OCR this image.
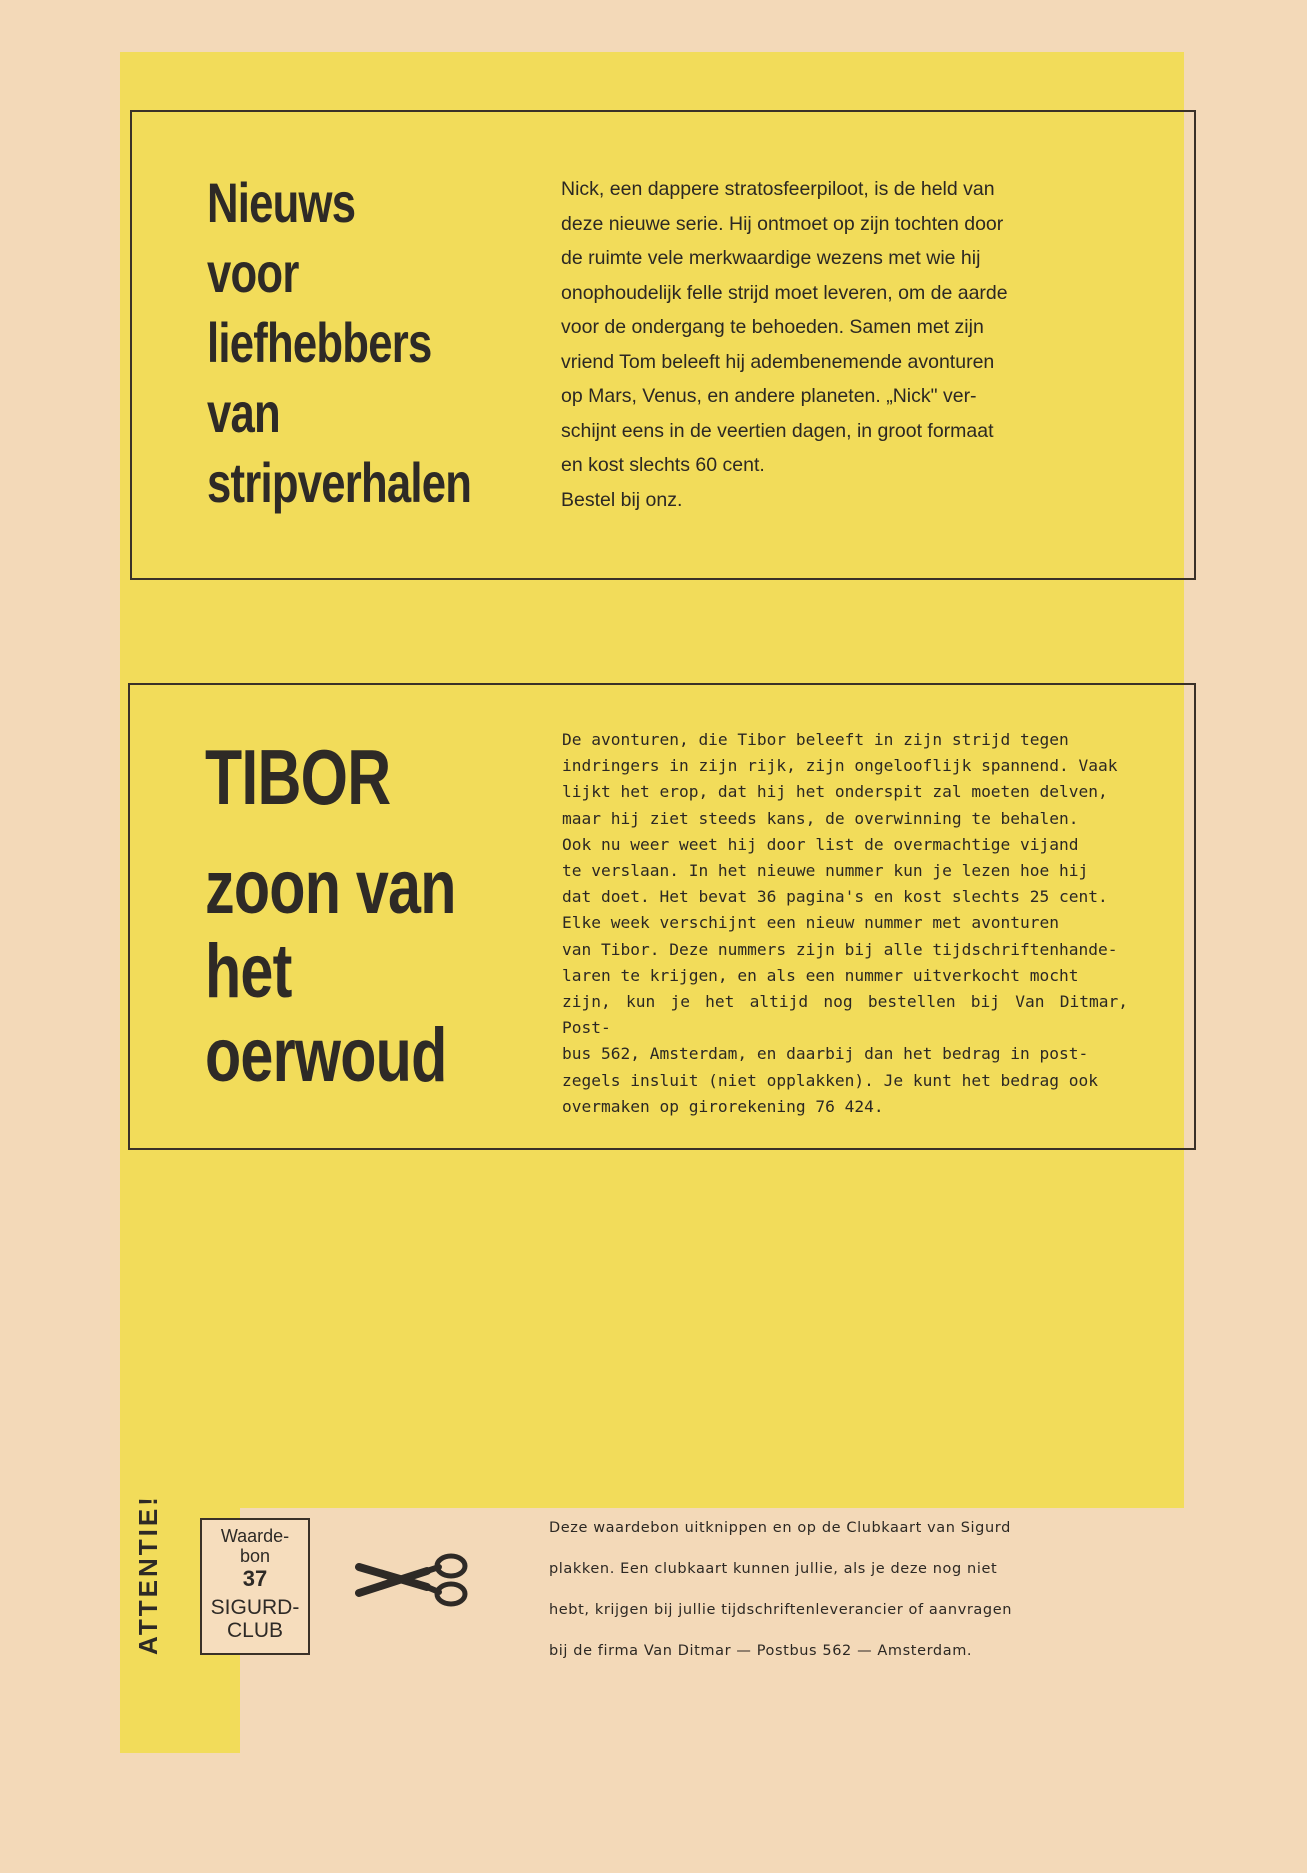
Nieuws
voor
liefhebbers
van
stripverhalen

Nick, een dappere stratosfeerpiloot, is de held van

deze nieuwe serie. Hij ontmoet op zijn tochten door

de ruimte vele merkwaardige wezens met wie hij

onophoudelijk felle strijd moet leveren, om de aarde

voor de ondergang te behoeden. Samen met zijn

vriend Tom beleeft hij adembenemende avonturen

op Mars, Venus, en andere planeten. „Nick" ver-

schijnt eens in de veertien dagen, in groot formaat

en kost slechts 60 cent.

Bestel bij onz.

TIBOR
zoon van
het
oerwoud

De avonturen, die Tibor beleeft in zijn strijd tegen

indringers in zijn rijk, zijn ongelooflijk spannend. Vaak

lijkt het erop, dat hij het onderspit zal moeten delven,

maar hij ziet steeds kans, de overwinning te behalen.

Ook nu weer weet hij door list de overmachtige vijand

te verslaan. In het nieuwe nummer kun je lezen hoe hij

dat doet. Het bevat 36 pagina's en kost slechts 25 cent.

Elke week verschijnt een nieuw nummer met avonturen

van Tibor. Deze nummers zijn bij alle tijdschriftenhande-

laren te krijgen, en als een nummer uitverkocht mocht

zijn, kun je het altijd nog bestellen bij Van Ditmar, Post-

bus 562, Amsterdam, en daarbij dan het bedrag in post-

zegels insluit (niet opplakken). Je kunt het bedrag ook

overmaken op girorekening 76 424.

ATTENTIE!	Waarde-
bon
37
SIGURD-
CLUB

Deze waardebon uitknippen en op de Clubkaart van Sigurd

plakken. Een clubkaart kunnen jullie, als je deze nog niet

hebt, krijgen bij jullie tijdschriftenleverancier of aanvragen

bij de firma Van Ditmar — Postbus 562 — Amsterdam.
